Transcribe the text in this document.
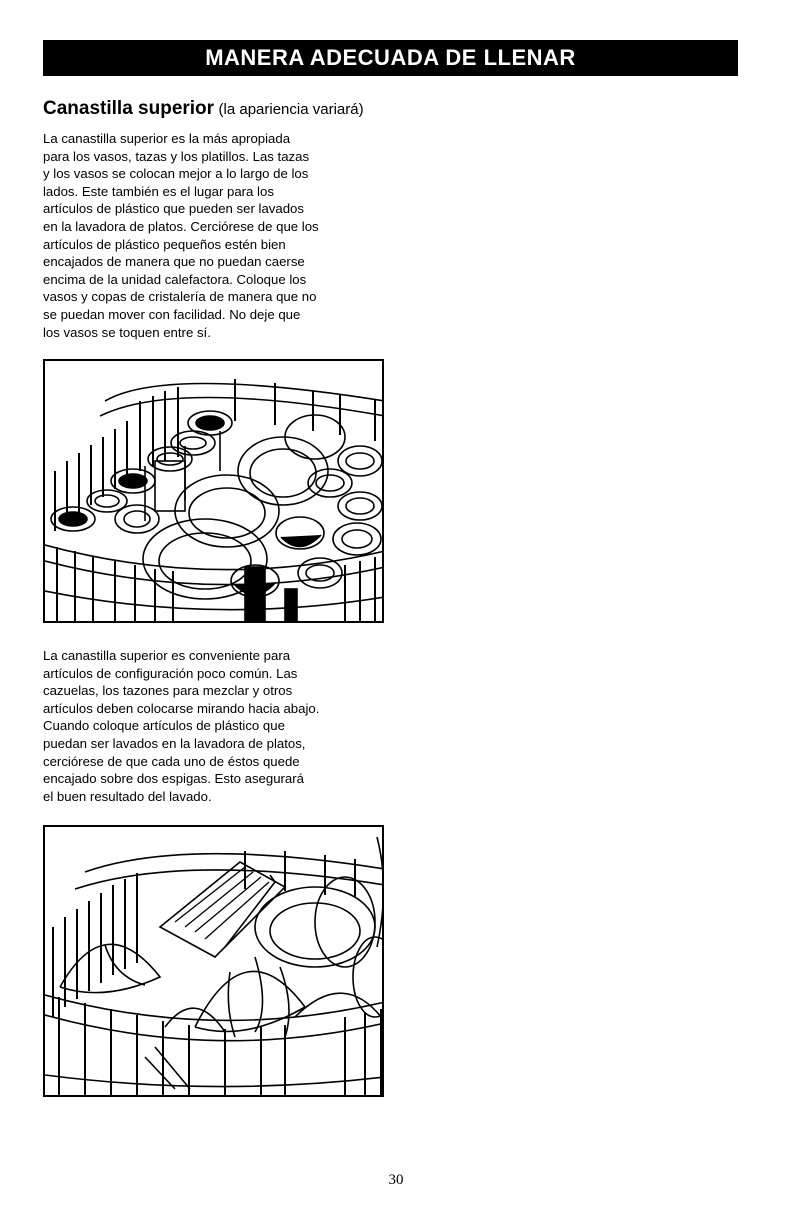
MANERA ADECUADA DE LLENAR
Canastilla superior (la apariencia variará)
La canastilla superior es la más apropiada
para los vasos, tazas y los platillos. Las tazas
y los vasos se colocan mejor a lo largo de los
lados. Este también es el lugar para los
artículos de plástico que pueden ser lavados
en la lavadora de platos. Cerciórese de que los
artículos de plástico pequeños estén bien
encajados de manera que no puedan caerse
encima de la unidad calefactora. Coloque los
vasos y copas de cristalería de manera que no
se puedan mover con facilidad. No deje que
los vasos se toquen entre sí.
La canastilla superior es conveniente para
artículos de configuración poco común. Las
cazuelas, los tazones para mezclar y otros
artículos deben colocarse mirando hacia abajo.
Cuando coloque artículos de plástico que
puedan ser lavados en la lavadora de platos,
cerciórese de que cada uno de éstos quede
encajado sobre dos espigas. Esto asegurará
el buen resultado del lavado.
30
